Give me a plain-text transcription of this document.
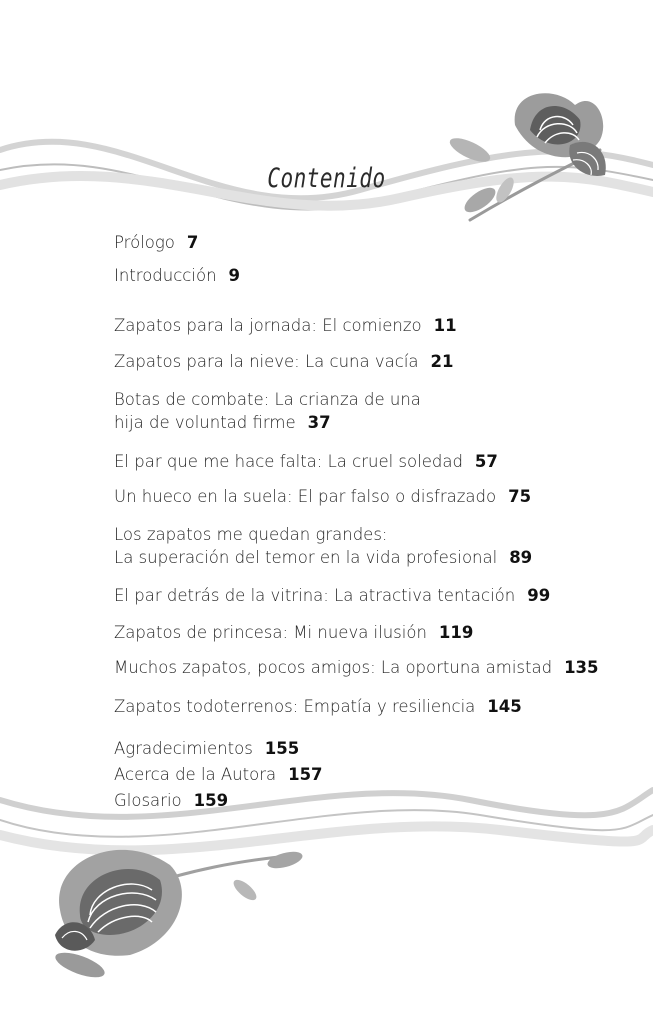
Contenido
Prólogo 7
Introducción 9
Zapatos para la jornada: El comienzo 11
Zapatos para la nieve: La cuna vacía 21
Botas de combate: La crianza de una
hija de voluntad firme 37
El par que me hace falta: La cruel soledad 57
Un hueco en la suela: El par falso o disfrazado 75
Los zapatos me quedan grandes:
La superación del temor en la vida profesional 89
El par detrás de la vitrina: La atractiva tentación 99
Zapatos de princesa: Mi nueva ilusión 119
Muchos zapatos, pocos amigos: La oportuna amistad 135
Zapatos todoterrenos: Empatía y resiliencia 145
Agradecimientos 155
Acerca de la Autora 157
Glosario 159
